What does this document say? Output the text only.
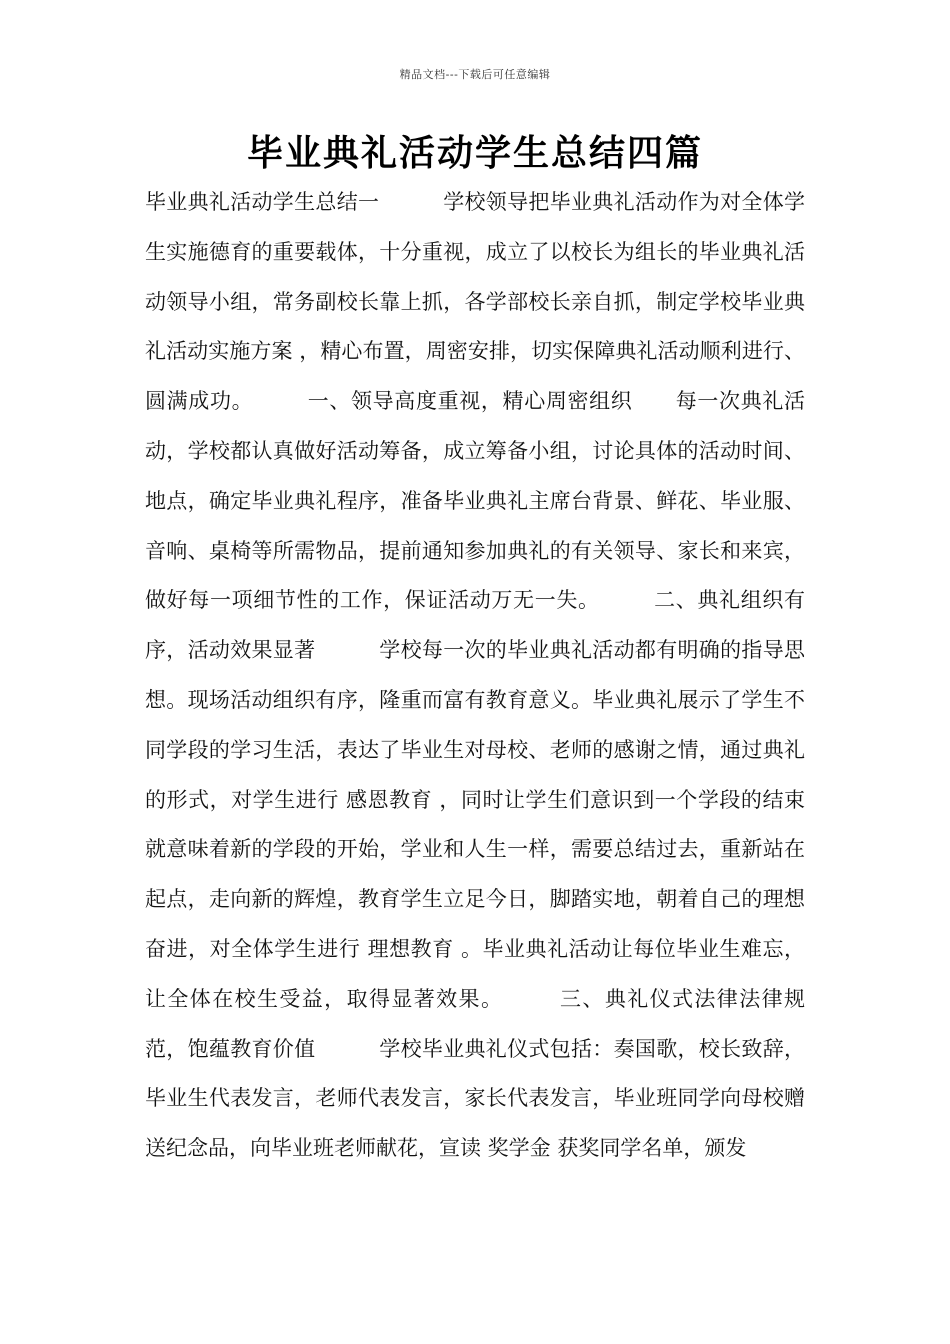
精品文档---下载后可任意编辑
毕业典礼活动学生总结四篇

毕业典礼活动学生总结一　　　学校领导把毕业典礼活动作为对全体学生实施德育的重要载体，十分重视，成立了以校长为组长的毕业典礼活动领导小组，常务副校长靠上抓，各学部校长亲自抓，制定学校毕业典礼活动实施方案 ，精心布置，周密安排，切实保障典礼活动顺利进行、圆满成功。　　　一、领导高度重视，精心周密组织　　每一次典礼活动，学校都认真做好活动筹备，成立筹备小组，讨论具体的活动时间、地点，确定毕业典礼程序，准备毕业典礼主席台背景、鲜花、毕业服、音响、桌椅等所需物品，提前通知参加典礼的有关领导、家长和来宾，做好每一项细节性的工作，保证活动万无一失。　　　二、典礼组织有序，活动效果显著　　　学校每一次的毕业典礼活动都有明确的指导思想。现场活动组织有序，隆重而富有教育意义。毕业典礼展示了学生不同学段的学习生活，表达了毕业生对母校、老师的感谢之情，通过典礼的形式，对学生进行 感恩教育 ，同时让学生们意识到一个学段的结束就意味着新的学段的开始，学业和人生一样，需要总结过去，重新站在起点，走向新的辉煌，教育学生立足今日，脚踏实地，朝着自己的理想奋进，对全体学生进行 理想教育 。毕业典礼活动让每位毕业生难忘，让全体在校生受益，取得显著效果。　　　三、典礼仪式法律法律规范，饱蕴教育价值　　　学校毕业典礼仪式包括：奏国歌，校长致辞，毕业生代表发言，老师代表发言，家长代表发言，毕业班同学向母校赠送纪念品，向毕业班老师献花，宣读 奖学金 获奖同学名单，颁发
